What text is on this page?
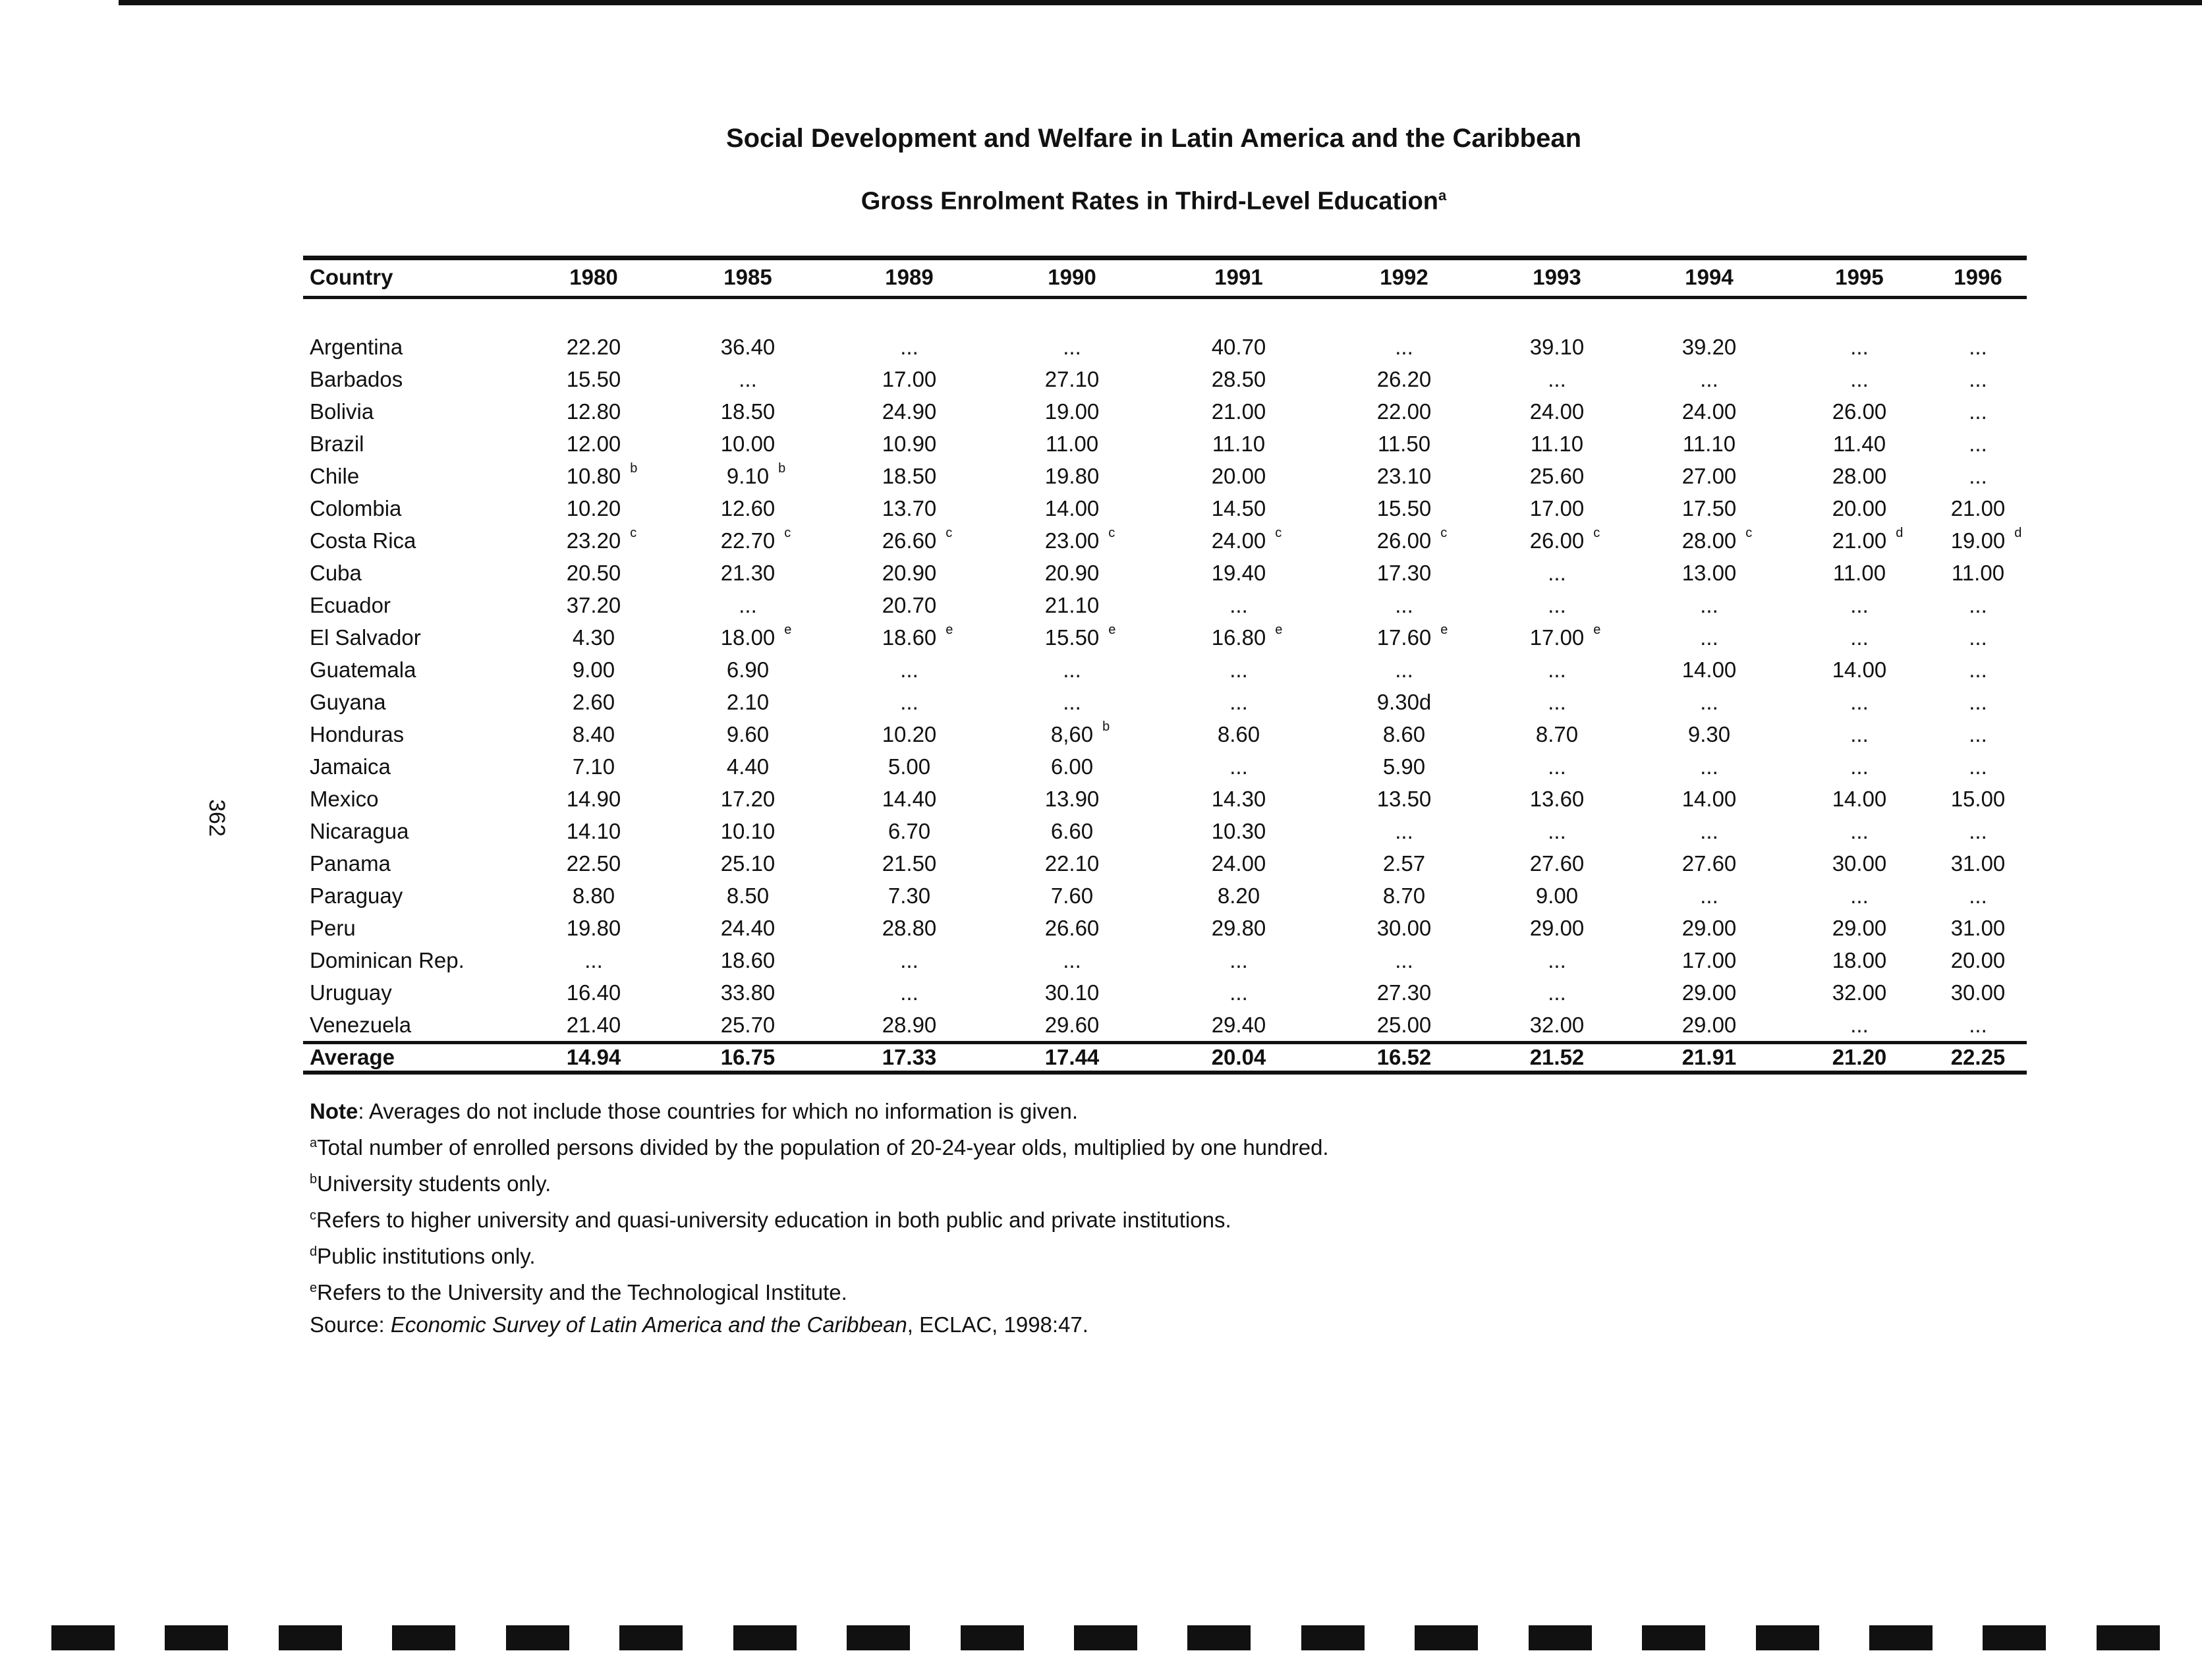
362
Social Development and Welfare in Latin America and the Caribbean
Gross Enrolment Rates in Third-Level Education$^a$
Country	1980	1985	1989	1990	1991	1992	1993	1994	1995	1996

Argentina	22.20	36.40	...	...	40.70	...	39.10	39.20	...	...
Barbados	15.50	...	17.00	27.10	28.50	26.20	...	...	...	...
Bolivia	12.80	18.50	24.90	19.00	21.00	22.00	24.00	24.00	26.00	...
Brazil	12.00	10.00	10.90	11.00	11.10	11.50	11.10	11.10	11.40	...
Chile	10.80 b	9.10 b	18.50	19.80	20.00	23.10	25.60	27.00	28.00	...
Colombia	10.20	12.60	13.70	14.00	14.50	15.50	17.00	17.50	20.00	21.00
Costa Rica	23.20 c	22.70 c	26.60 c	23.00 c	24.00 c	26.00 c	26.00 c	28.00 c	21.00 d	19.00 d

Cuba	20.50	21.30	20.90	20.90	19.40	17.30	...	13.00	11.00	11.00
Ecuador	37.20	...	20.70	21.10	...	...	...	...	...	...
El Salvador	4.30	18.00 e	18.60 e	15.50 e	16.80 e	17.60 e	17.00 e	...	...	...
Guatemala	9.00	6.90	...	...	...	...	...	14.00	14.00	...
Guyana	2.60	2.10	...	...	...	9.30d	...	...	...	...
Honduras	8.40	9.60	10.20	8,60 b	8.60	8.60	8.70	9.30	...	...
Jamaica	7.10	4.40	5.00	6.00	...	5.90	...	...	...	...
Mexico	14.90	17.20	14.40	13.90	14.30	13.50	13.60	14.00	14.00	15.00
Nicaragua	14.10	10.10	6.70	6.60	10.30	...	...	...	...	...
Panama	22.50	25.10	21.50	22.10	24.00	2.57	27.60	27.60	30.00	31.00
Paraguay	8.80	8.50	7.30	7.60	8.20	8.70	9.00	...	...	...
Peru	19.80	24.40	28.80	26.60	29.80	30.00	29.00	29.00	29.00	31.00
Dominican Rep.	...	18.60	...	...	...	...	...	17.00	18.00	20.00
Uruguay	16.40	33.80	...	30.10	...	27.30	...	29.00	32.00	30.00
Venezuela	21.40	25.70	28.90	29.60	29.40	25.00	32.00	29.00	...	...
Average	14.94	16.75	17.33	17.44	20.04	16.52	21.52	21.91	21.20	22.25
Note: Averages do not include those countries for which no information is given.
$^a$Total number of enrolled persons divided by the population of 20-24-year olds, multiplied by one hundred.
$^b$University students only.
$^c$Refers to higher university and quasi-university education in both public and private institutions.
$^d$Public institutions only.
$^e$Refers to the University and the Technological Institute.
Source: Economic Survey of Latin America and the Caribbean, ECLAC, 1998:47.
